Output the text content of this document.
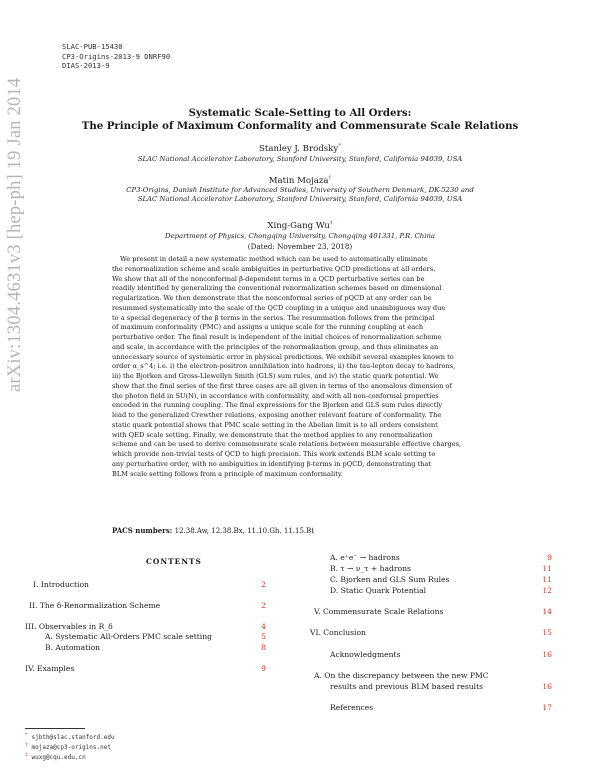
SLAC-PUB-15430
CP3-Origins-2013-9 DNRF90
DIAS-2013-9
arXiv:1304.4631v3 [hep-ph] 19 Jan 2014	Systematic Scale-Setting to All Orders:
The Principle of Maximum Conformality and Commensurate Scale Relations
Stanley J. Brodsky*
SLAC National Accelerator Laboratory, Stanford University, Stanford, California 94039, USA
Matin Mojaza†
CP3-Origins, Danish Institute for Advanced Studies, University of Southern Denmark, DK-5230 and
SLAC National Accelerator Laboratory, Stanford University, Stanford, California 94039, USA
Xing-Gang Wu‡
Department of Physics, Chongqing University, Chongqing 401331, P.R. China
(Dated: November 23, 2018)
We present in detail a new systematic method which can be used to automatically eliminate
the renormalization scheme and scale ambiguities in perturbative QCD predictions at all orders.
We show that all of the nonconformal β-dependent terms in a QCD perturbative series can be
readily identified by generalizing the conventional renormalization schemes based on dimensional
regularization. We then demonstrate that the nonconformal series of pQCD at any order can be
resummed systematically into the scale of the QCD coupling in a unique and unambiguous way due
to a special degeneracy of the β terms in the series. The resummation follows from the principal
of maximum conformality (PMC) and assigns a unique scale for the running coupling at each
perturbative order. The final result is independent of the initial choices of renormalization scheme
and scale, in accordance with the principles of the renormalization group, and thus eliminates an
unnecessary source of systematic error in physical predictions. We exhibit several examples known to
order α_s^4; i.e. i) the electron-positron annihilation into hadrons, ii) the tau-lepton decay to hadrons,
iii) the Bjorken and Gross-Llewellyn Smith (GLS) sum rules, and iv) the static quark potential. We
show that the final series of the first three cases are all given in terms of the anomalous dimension of
the photon field in SU(N), in accordance with conformality, and with all non-conformal properties
encoded in the running coupling. The final expressions for the Bjorken and GLS sum rules directly
lead to the generalized Crewther relations, exposing another relevant feature of conformality. The
static quark potential shows that PMC scale setting in the Abelian limit is to all orders consistent
with QED scale setting. Finally, we demonstrate that the method applies to any renormalization
scheme and can be used to derive commensurate scale relations between measurable effective charges,
which provide non-trivial tests of QCD to high precision. This work extends BLM scale setting to
any perturbative order, with no ambiguities in identifying β-terms in pQCD, demonstrating that
BLM scale setting follows from a principle of maximum conformality.
PACS numbers: 12.38.Aw, 12.38.Bx, 11.10.Gh, 11.15.Bt
CONTENTS
I. Introduction	2
II. The δ-Renormalization Scheme	2
III. Observables in R_δ	4
A. Systematic All-Orders PMC scale setting	5
B. Automation	8
IV. Examples	9
A. e⁺e⁻ → hadrons	9
B. τ → ν_τ + hadrons	11
C. Bjorken and GLS Sum Rules	11
D. Static Quark Potential	12
V. Commensurate Scale Relations	14
VI. Conclusion	15
Acknowledgments	16
A. On the discrepancy between the new PMC
results and previous BLM based results	16
References	17
* sjbth@slac.stanford.edu
† mojaza@cp3-origins.net
‡ wuxg@cqu.edu.cn
